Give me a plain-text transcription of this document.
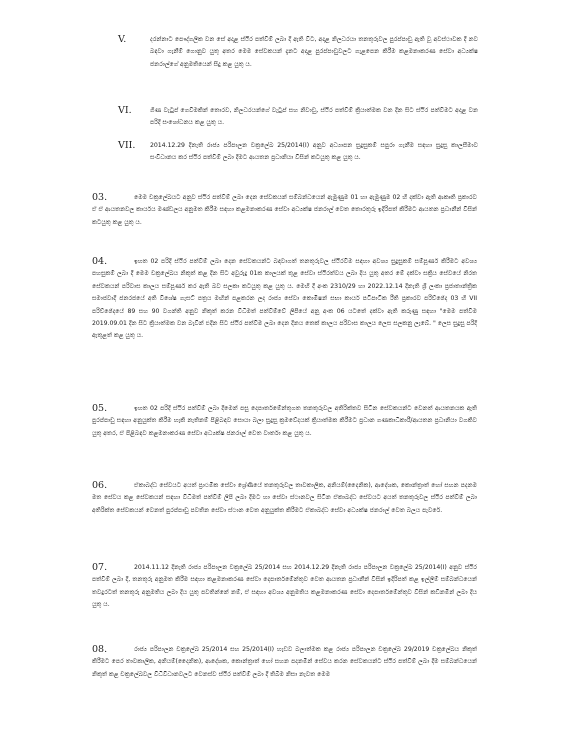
V.	දරන්නාට පෞද්ගලික වන සේ අදාළ ස්ථිර පත්වීම් ලබා දී ඇති විට, අදාළ නිලධරයා තනතුරුවල පුරප්පාඩු ඇති වූ අවස්ථාවක දී නව බඳවා ගැනීම් ගොනුව යුතු අතර මෙම සේවකයන් දැනට අදාළ පුරප්පාඩුවලට ගැළපෙන කිරීම කළමනාකරණ සේවා අධ්‍යක්ෂ ජනරාල්ගේ අනුමතියෙන් සිදු කළ යුතු ය.
VI.	ගිණ වැටුප් ගෙවීමකින් තොරව, නිලධරයන්ගේ වැටුප් සහ නිවාඩු, ස්ථිර පත්වීම් ක්‍රියාත්මක වන දින සිට ස්ථිර පත්වීමට අදාළ වන පරිදි සංශෝධනය කළ යුතු ය.
VII.	2014.12.29 දිනැති රාජ්‍ය පරිපාලන චක්‍රලේඛ 25/2014(I) අනුව අධ්‍යාපන සුදුසුකම් සපුරා ගැනීම සඳහා සුදුසු කාලසීමාව සංවිධානය කර ස්ථිර පත්වීම් ලබා දීමට ආයතන ප්‍රධානියා විසින් කටයුතු කළ යුතු ය.
03.	මෙම චක්‍රලේඛයට අනුව ස්ථිර පත්වීම් ලබා දෙන සේවකයන් සම්බන්ධයෙන් ඇමුණුම 01 හා ඇමුණුම 02 හි දක්වා ඇති ආකෘති ප්‍රකාරව ඒ ඒ ආයතනවල කාර්යය මණ්ඩලය අනුමත කිරීම සඳහා කළමනාකරණ සේවා අධ්‍යක්ෂ ජනරාල් වෙත තොරතුරු ඉදිරිපත් කිරීමට ආයතන ප්‍රධානීන් විසින් කටයුතු කළ යුතු ය.
04.	ඉහත 02 පරිදි ස්ථිර පත්වීම් ලබා දෙන සේවකයන්ට බඳවාගත් තනතුරුවල ස්ථිරවීම සඳහා අවශ්‍ය සුදුසුකම් සම්පූර්ණ කිරීමට අවශ්‍ය පහසුකම් ලබා දී මෙම චක්‍රලේඛය නිකුත් කළ දින සිට අවුරුදු 01ක කාලයක් තුළ සේවා ස්ථිරත්වය ලබා දිය යුතු අතර මේ දක්වා සක්‍රිය සේවයේ නිරත සේවකයන් පරිවාස කාලය සම්පූර්ණ කර ඇති බව සලකා කටයුතු කළ යුතු ය. මෙහි දී අංක 2310/29 හා 2022.12.14 දිනැති ශ්‍රී ලංකා ප්‍රජාතාන්ත්‍රික සමාජවාදී ජනරජයේ අති විශේෂ ගැසට් පත්‍රය මඟින් පළකරන ලද රාජ්‍ය සේවා කොමිෂන් සභා කාර්ය පටිපාටික රීති ප්‍රකාරව පරිච්ඡේද 03 හි VII පරිච්ඡේදයේ 89 සහ 90 වගන්ති අනුව නිකුත් කරන විධිමත් පත්වීම්වේ ලිපියේ අනු අංක 06 යටතේ දක්වා ඇති කරුණු සඳහා "මෙම පත්වීම 2019.09.01 දින සිට ක්‍රියාත්මක වන බැවින් එදින සිට ස්ථිර පත්වීම ලබා දෙන දිනය තෙක් කාලය පරිවාස කාලය ලෙස සලකනු ලැබේ. " ලෙස සුදුසු පරිදි ඇතුළත් කළ යුතු ය.
05.	ඉහත 02 පරිදි ස්ථිර පත්වීම් ලබා දීමෙන් පසු දෙපාර්තමේන්තුගත තනතුරුවල අතිරික්තව සිටින සේවකයන්ට වෙනත් ආයතනයක ඇති පුරප්පාඩු සඳහා අනුයුක්ත කිරීම හැකි නැතිනම් පිළිබඳව සොයා බලා සුදුසු ක්‍රමවේදයක් ක්‍රියාත්මක කිරීමට ප්‍රධාන ගණකාධිකාරී/ආයතන ප්‍රධානියා වගකිව යුතු අතර, ඒ පිළිබඳව කළමනාකරණ සේවා අධ්‍යක්ෂ ජනරාල් වෙත වාර්තා කළ යුතු ය.
06.	ඒකාබද්ධ සේවයට අයත් ප්‍රාථමික සේවා ශ්‍රේණියේ තනතුරුවල තාවකාලික, අනියම්(දෛනික), ආදේශක, කොන්ත්‍රාත් හෝ සහන පදනම මත සේවය කළ සේවකයන් සඳහා විධිමත් පත්වීම් ලිපි ලබා දීමට හා සේවා ස්ථානවල සිටින ඒකාබද්ධ සේවයට අයත් තනතුරුවල ස්ථිර පත්වීම් ලබා අතිරික්ත සේවකයන් වෙනත් පුරප්පාඩු පවතින සේවා ස්ථාන වෙත අනුයුක්ත කිරීමට ඒකාබද්ධ සේවා අධ්‍යක්ෂ ජනරාල් වෙත බලය පැවරේ.
07.	2014.11.12 දිනැති රාජ්‍ය පරිපාලන චක්‍රලේඛ 25/2014 සහ 2014.12.29 දිනැති රාජ්‍ය පරිපාලන චක්‍රලේඛ 25/2014(I) අනුව ස්ථිර පත්වීම් ලබා දී, තනතුරු අනුමත කිරීම සඳහා කළමනාකරණ සේවා දෙපාර්තමේන්තුව වෙත ආයතන ප්‍රධානීන් විසින් ඉදිරිපත් කළ ඉල්ලීම් සම්බන්ධයෙන් තවදුරටත් තනතුරු අනුමතිය ලබා දිය යුතු පවතින්නේ නම්, ඒ සඳහා අවශ්‍ය අනුමතිය කළමනාකරණ සේවා දෙපාර්තමේන්තුව විසින් කඩිනමින් ලබා දිය යුතු ය.
08.	රාජ්‍ය පරිපාලන චක්‍රලේඛ 25/2014 සහ 25/2014(I) හැඩව බලාත්මක කළ රාජ්‍ය පරිපාලන චක්‍රලේඛ 29/2019 චක්‍රලේඛය නිකුත් කිරීමට පෙර තාවකාලික, අනියම්(දෛනික), ආදේශක, කොන්ත්‍රාත් හෝ සහන පදනමින් සේවය කරන සේවකයන්ට ස්ථිර පත්වීම් ලබා දීම සම්බන්ධයෙන් නිකුත් කළ චක්‍රලේඛවල විධිවිධානවලට වෙනස්ව ස්ථිර පත්වීම් ලබා දී තිබීම නිසා නැවත මෙම
